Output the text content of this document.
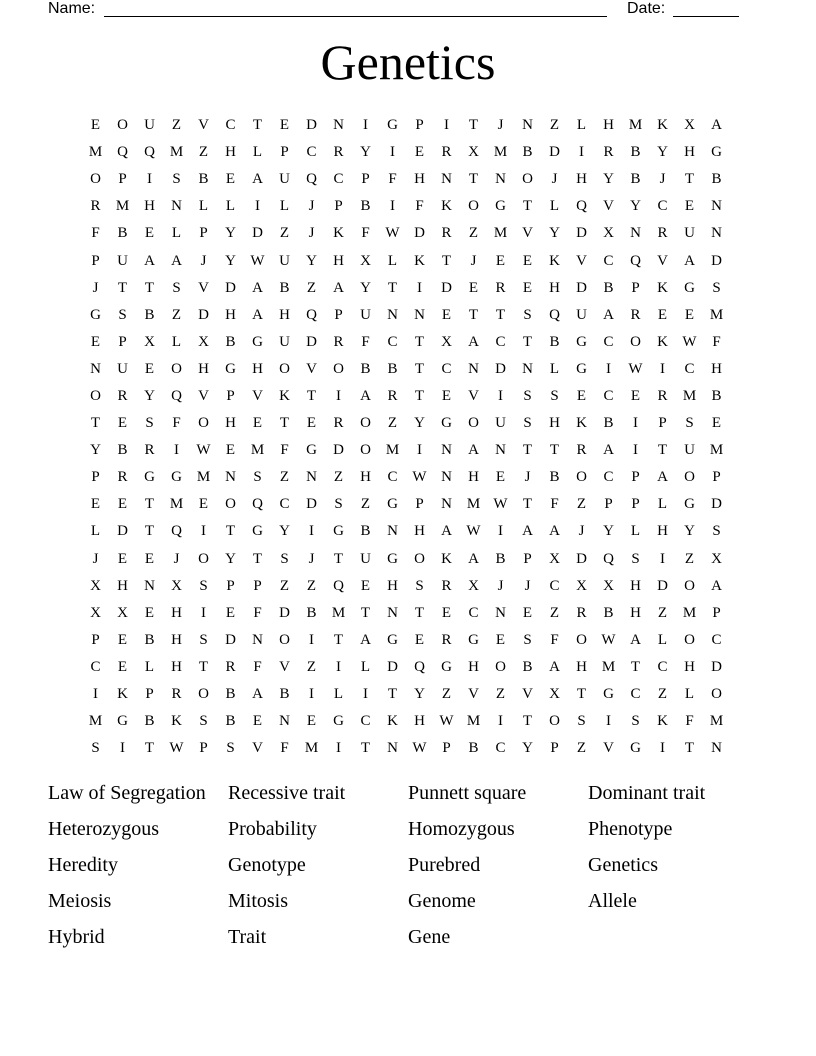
Name:	Date:
Genetics
E	O	U	Z	V	C	T	E	D	N	I	G	P	I	T	J	N	Z	L	H M K	X	A
M Q	Q M	Z	H	L	P	C	R	Y	I	E	R	X M	B	D	I	R	B	Y	H	G
O	P	I	S	B	E	A	U	Q	C	P	F	H	N	T	N	O	J	H	Y	B	J	T	B
R	M H	N	L	L	I	L	J	P	B	I	F	K	O	G	T	L	Q	V	Y	C	E	N
F	B	E	L	P	Y	D	Z	J	K	F	W D	R	Z	M V	Y	D	X	N	R	U	N
P	U	A	A	J	Y W U	Y	H	X	L	K	T	J	E	E	K	V	C	Q	V	A	D
J	T	T	S	V	D	A	B	Z	A	Y	T	I	D	E	R	E	H	D	B	P	K	G	S
G	S	B	Z	D	H	A	H	Q	P	U	N	N	E	T	T	S	Q	U	A	R	E	E	M
E	P	X	L	X	B	G	U	D	R	F	C	T	X	A	C	T	B	G	C	O	K W	F
N	U	E	O	H	G	H	O	V	O	B	B	T	C	N	D	N	L	G	I	W	I	C	H
O	R	Y	Q	V	P	V	K	T	I	A	R	T	E	V	I	S	S	E	C	E	R	M	B
T	E	S	F	O	H	E	T	E	R	O	Z	Y	G	O	U	S	H	K	B	I	P	S	E
Y	B	R	I	W	E	M	F	G	D	O M	I	N	A	N	T	T	R	A	I	T	U M
P	R	G	G M N	S	Z	N	Z	H	C W N	H	E	J	B	O	C	P	A	O	P
E	E	T	M	E	O	Q	C	D	S	Z	G	P	N M W	T	F	Z	P	P	L	G	D
L	D	T	Q	I	T	G	Y	I	G	B	N	H	A W	I	A	A	J	Y	L	H	Y	S
J	E	E	J	O	Y	T	S	J	T	U	G	O	K	A	B	P	X	D	Q	S	I	Z	X
X	H	N	X	S	P	P	Z	Z	Q	E	H	S	R	X	J	J	C	X	X	H	D	O	A
X	X	E	H	I	E	F	D	B	M	T	N	T	E	C	N	E	Z	R	B	H	Z	M	P
P	E	B	H	S	D	N	O	I	T	A	G	E	R	G	E	S	F	O W A	L	O	C
C	E	L	H	T	R	F	V	Z	I	L	D	Q	G	H	O	B	A	H M	T	C	H	D
I	K	P	R	O	B	A	B	I	L	I	T	Y	Z	V	Z	V	X	T	G	C	Z	L	O
M G	B	K	S	B	E	N	E	G	C	K	H W M	I	T	O	S	I	S	K	F	M
S	I	T	W	P	S	V	F	M	I	T	N W	P	B	C	Y	P	Z	V	G	I	T	N
Law of Segregation	Recessive trait	Punnett square	Dominant trait
Heterozygous	Probability	Homozygous	Phenotype
Heredity	Genotype	Purebred	Genetics
Meiosis	Mitosis	Genome	Allele
Hybrid	Trait	Gene
